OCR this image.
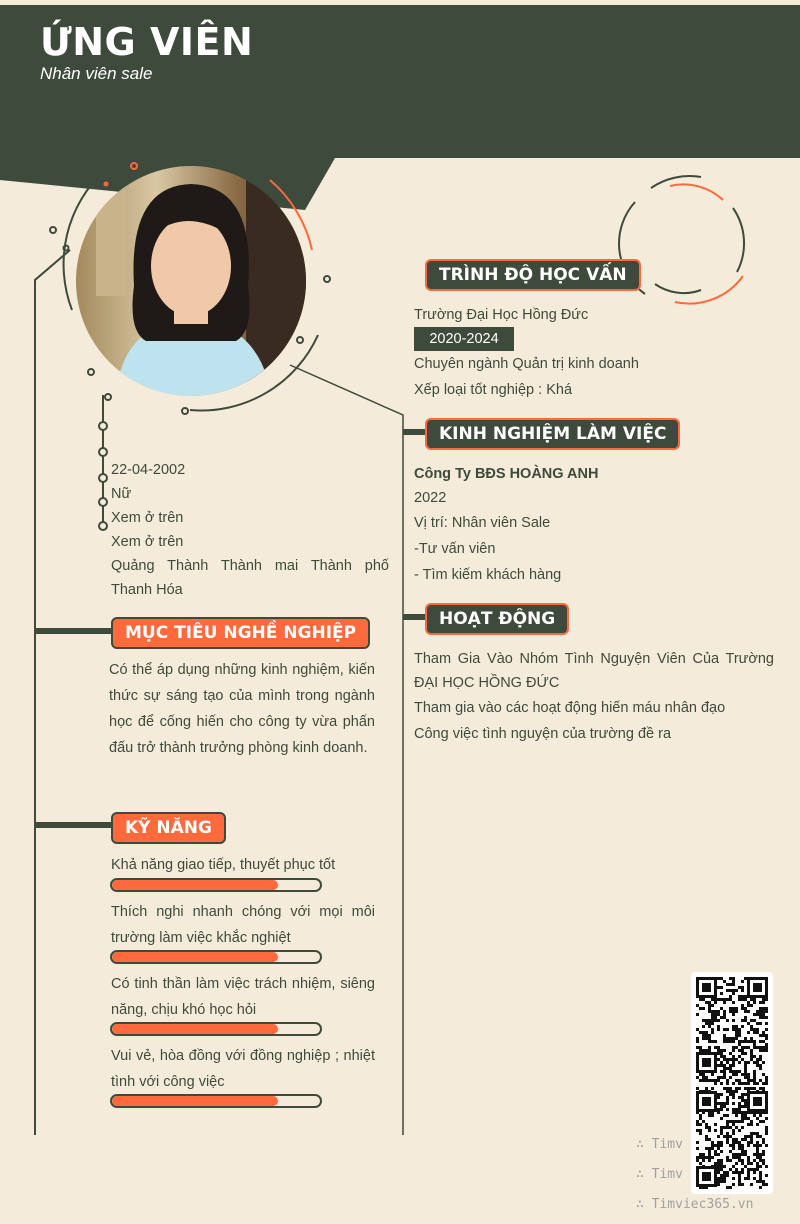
ỨNG VIÊN
Nhân viên sale
22-04-2002
Nữ
Xem ở trên
Xem ở trên
Quảng Thành Thành mai Thành phố Thanh Hóa
MỤC TIÊU NGHỀ NGHIỆP
Có thể áp dụng những kinh nghiệm, kiến thức sự sáng tạo của mình trong ngành học để cống hiến cho công ty vừa phấn đấu trở thành trưởng phòng kinh doanh.
KỸ NĂNG
Khả năng giao tiếp, thuyết phục tốt
Thích nghi nhanh chóng với mọi môi trường làm việc khắc nghiệt
Có tinh thần làm việc trách nhiệm, siêng năng, chịu khó học hỏi
Vui vẻ, hòa đồng với đồng nghiệp ; nhiệt tình với công việc
TRÌNH ĐỘ HỌC VẤN
Trường Đại Học Hồng Đức
2020-2024
Chuyên ngành Quản trị kinh doanh
Xếp loại tốt nghiệp : Khá
KINH NGHIỆM LÀM VIỆC
Công Ty BĐS HOÀNG ANH
2022
Vị trí: Nhân viên Sale
-Tư vấn viên
- Tìm kiếm khách hàng
HOẠT ĐỘNG
Tham Gia Vào Nhóm Tình Nguyện Viên Của Trường ĐẠI HỌC HỒNG ĐỨC
Tham gia vào các hoạt động hiến máu nhân đạo
Công việc tình nguyện của trường đề ra
∴ Timv
∴ Timv
∴ Timviec365.vn
